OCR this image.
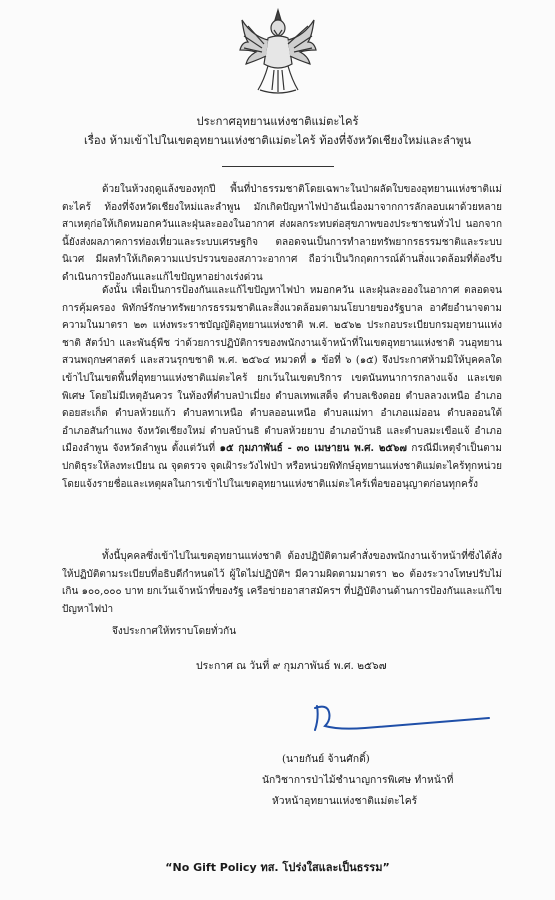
ประกาศอุทยานแห่งชาติแม่ตะไคร้
เรื่อง ห้ามเข้าไปในเขตอุทยานแห่งชาติแม่ตะไคร้ ท้องที่จังหวัดเชียงใหม่และลำพูน

ด้วยในห้วงฤดูแล้งของทุกปี พื้นที่ป่าธรรมชาติโดยเฉพาะในป่าผลัดใบของอุทยานแห่งชาติแม่ตะไคร้ ท้องที่จังหวัดเชียงใหม่และลำพูน มักเกิดปัญหาไฟป่าอันเนื่องมาจากการลักลอบเผาด้วยหลายสาเหตุก่อให้เกิดหมอกควันและฝุ่นละอองในอากาศ ส่งผลกระทบต่อสุขภาพของประชาชนทั่วไป นอกจากนี้ยังส่งผลภาคการท่องเที่ยวและระบบเศรษฐกิจ ตลอดจนเป็นการทำลายทรัพยากรธรรมชาติและระบบนิเวศ มีผลทำให้เกิดความแปรปรวนของสภาวะอากาศ ถือว่าเป็นวิกฤตการณ์ด้านสิ่งแวดล้อมที่ต้องรีบดำเนินการป้องกันและแก้ไขปัญหาอย่างเร่งด่วน

ดังนั้น เพื่อเป็นการป้องกันและแก้ไขปัญหาไฟป่า หมอกควัน และฝุ่นละอองในอากาศ ตลอดจนการคุ้มครอง พิทักษ์รักษาทรัพยากรธรรมชาติและสิ่งแวดล้อมตามนโยบายของรัฐบาล อาศัยอำนาจตามความในมาตรา ๒๓ แห่งพระราชบัญญัติอุทยานแห่งชาติ พ.ศ. ๒๕๖๒ ประกอบระเบียบกรมอุทยานแห่งชาติ สัตว์ป่า และพันธุ์พืช ว่าด้วยการปฏิบัติการของพนักงานเจ้าหน้าที่ในเขตอุทยานแห่งชาติ วนอุทยาน สวนพฤกษศาสตร์ และสวนรุกขชาติ พ.ศ. ๒๕๖๔ หมวดที่ ๑ ข้อที่ ๖ (๑๕) จึงประกาศห้ามมิให้บุคคลใดเข้าไปในเขตพื้นที่อุทยานแห่งชาติแม่ตะไคร้ ยกเว้นในเขตบริการ เขตนันทนาการกลางแจ้ง และเขตพิเศษ โดยไม่มีเหตุอันควร ในท้องที่ตำบลป่าเมี่ยง ตำบลเทพเสด็จ ตำบลเชิงดอย ตำบลลวงเหนือ อำเภอดอยสะเก็ด ตำบลห้วยแก้ว ตำบลทาเหนือ ตำบลออนเหนือ ตำบลแม่ทา อำเภอแม่ออน ตำบลออนใต้ อำเภอสันกำแพง จังหวัดเชียงใหม่ ตำบลบ้านธิ ตำบลห้วยยาบ อำเภอบ้านธิ และตำบลมะเขือแจ้ อำเภอเมืองลำพูน จังหวัดลำพูน ตั้งแต่วันที่ ๑๕ กุมภาพันธ์ - ๓๐ เมษายน พ.ศ. ๒๕๖๗ กรณีมีเหตุจำเป็นตามปกติธุระให้ลงทะเบียน ณ จุดตรวจ จุดเฝ้าระวังไฟป่า หรือหน่วยพิทักษ์อุทยานแห่งชาติแม่ตะไคร้ทุกหน่วย โดยแจ้งรายชื่อและเหตุผลในการเข้าไปในเขตอุทยานแห่งชาติแม่ตะไคร้เพื่อขออนุญาตก่อนทุกครั้ง

ทั้งนี้บุคคลซึ่งเข้าไปในเขตอุทยานแห่งชาติ ต้องปฏิบัติตามคำสั่งของพนักงานเจ้าหน้าที่ซึ่งได้สั่งให้ปฏิบัติตามระเบียบที่อธิบดีกำหนดไว้ ผู้ใดไม่ปฏิบัติฯ มีความผิดตามมาตรา ๒๐ ต้องระวางโทษปรับไม่เกิน ๑๐๐,๐๐๐ บาท ยกเว้นเจ้าหน้าที่ของรัฐ เครือข่ายอาสาสมัครฯ ที่ปฏิบัติงานด้านการป้องกันและแก้ไขปัญหาไฟป่า

จึงประกาศให้ทราบโดยทั่วกัน

ประกาศ ณ วันที่ ๙ กุมภาพันธ์ พ.ศ. ๒๕๖๗
(นายกันย์ จ้านศักดิ์)
นักวิชาการป่าไม้ชำนาญการพิเศษ ทำหน้าที่
หัวหน้าอุทยานแห่งชาติแม่ตะไคร้
“No Gift Policy ทส. โปร่งใสและเป็นธรรม”
